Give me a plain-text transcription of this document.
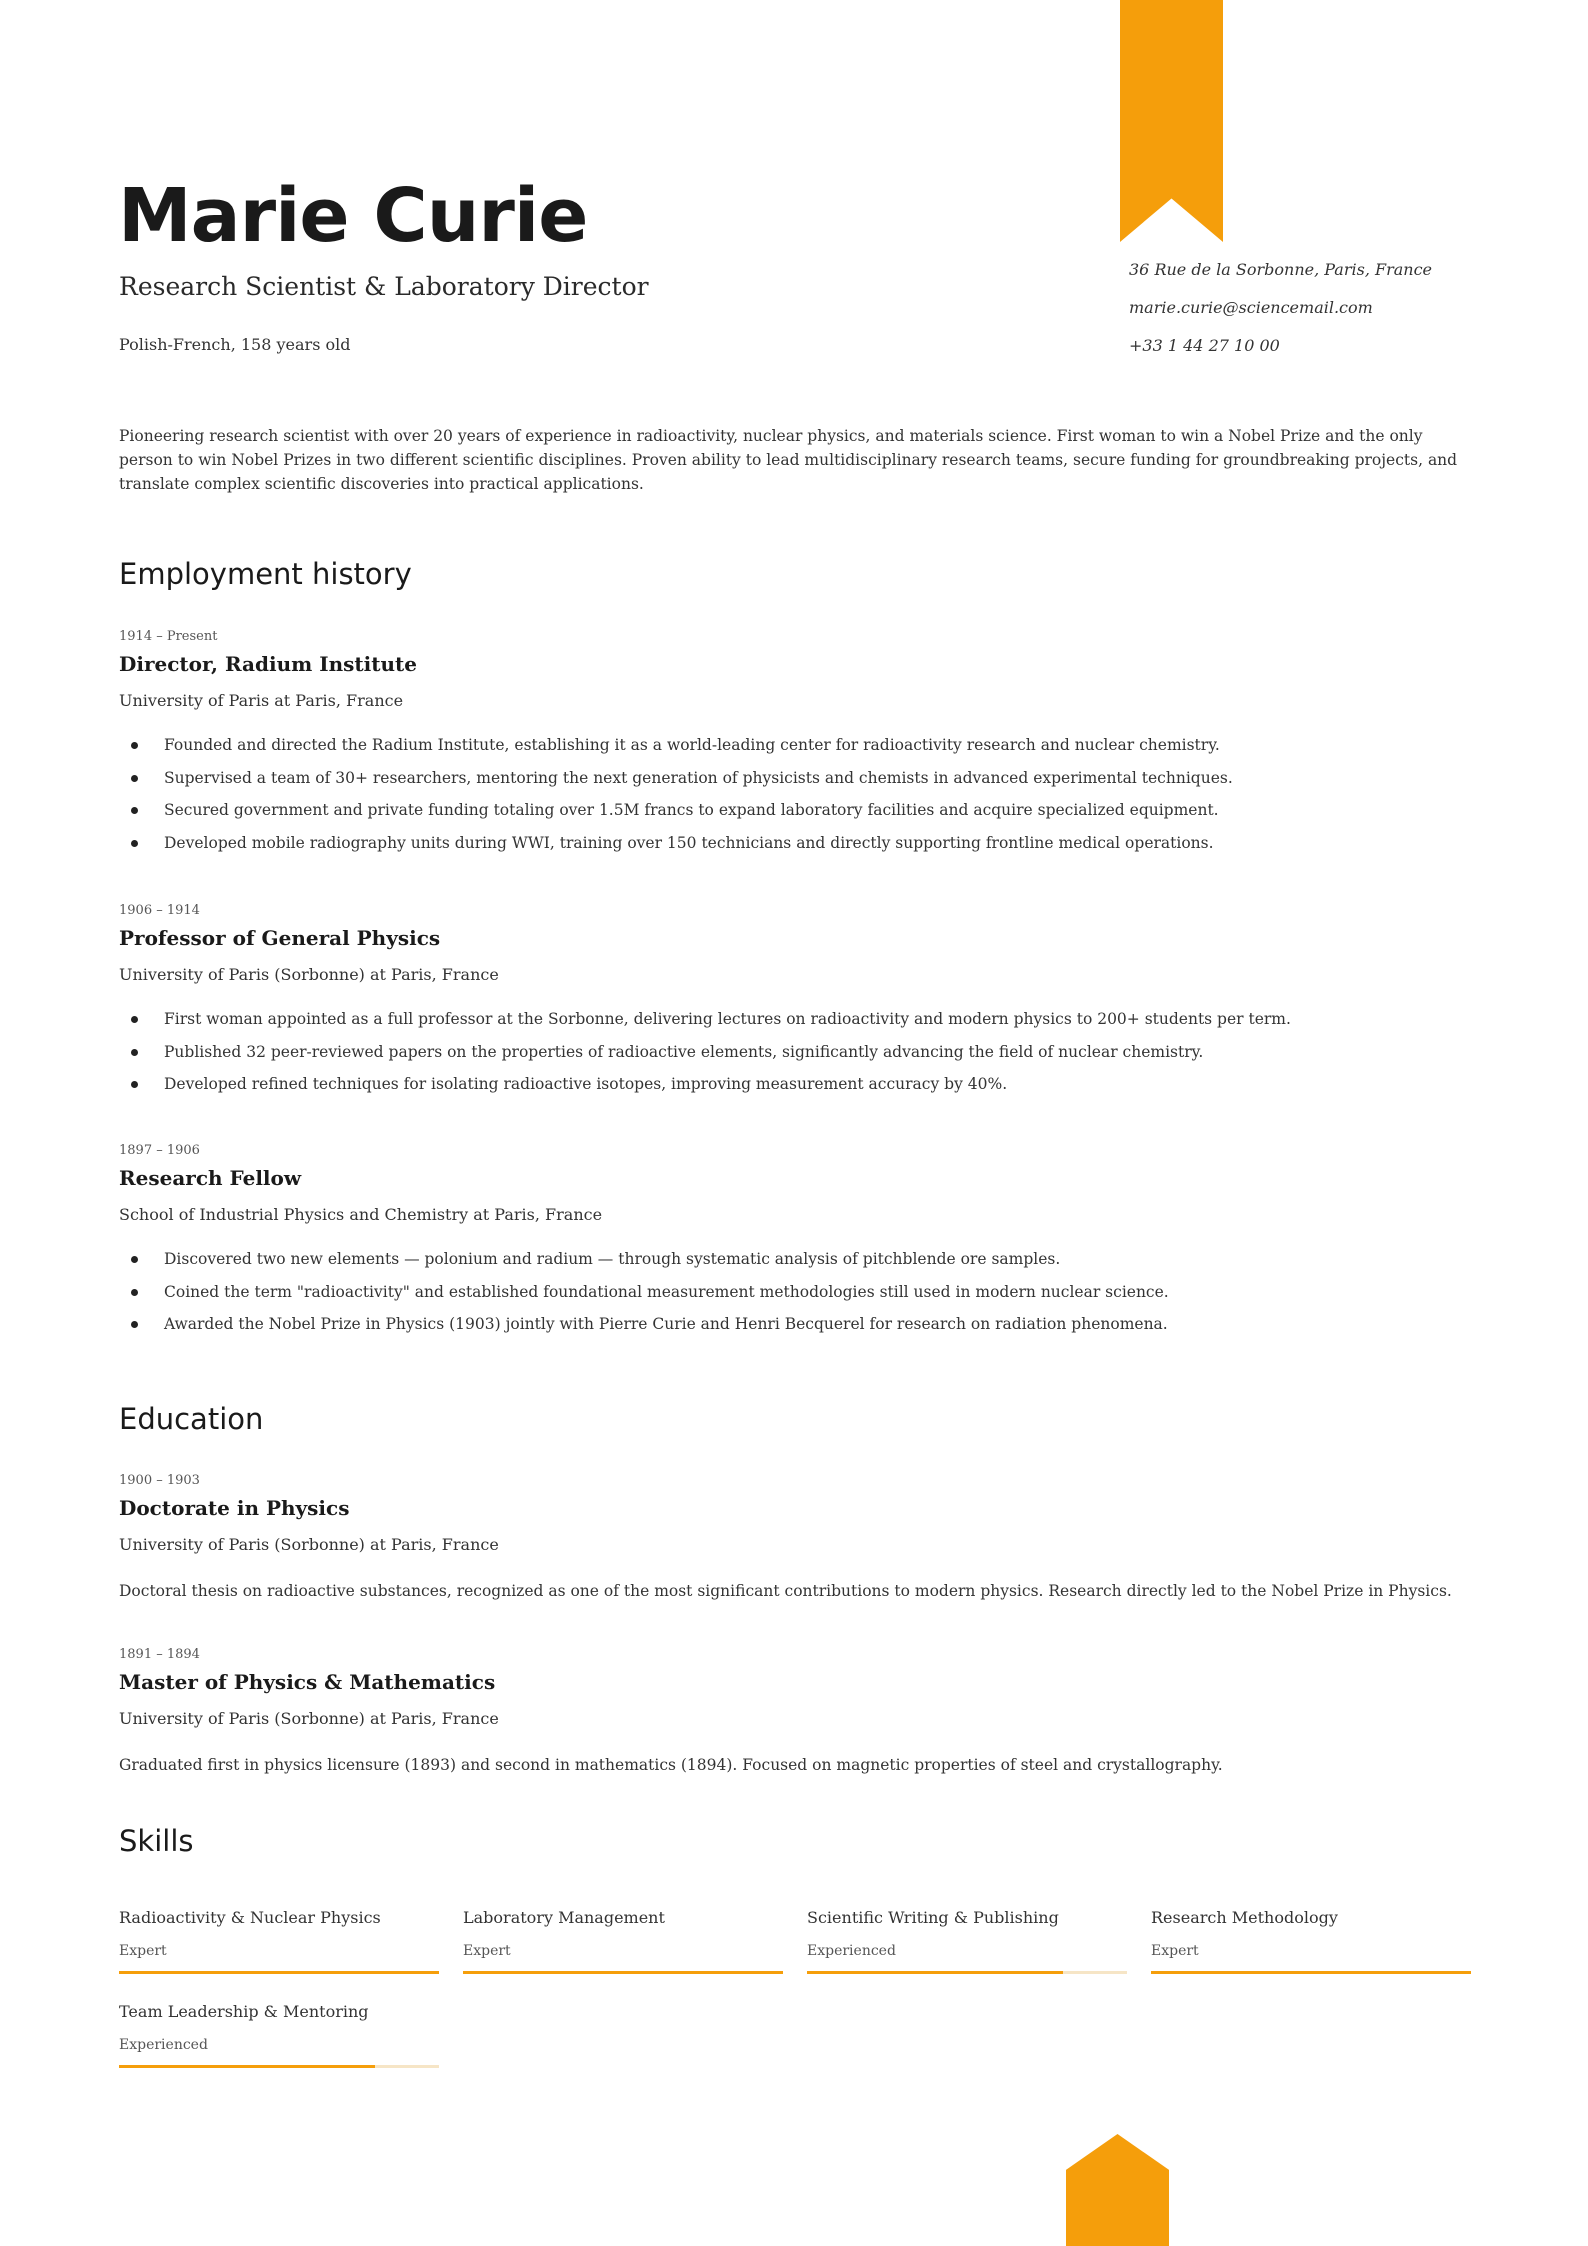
Marie Curie
Research Scientist & Laboratory Director
Polish-French, 158 years old
36 Rue de la Sorbonne, Paris, France
marie.curie@sciencemail.com
+33 1 44 27 10 00

Pioneering research scientist with over 20 years of experience in radioactivity, nuclear physics, and materials science. First woman to win a Nobel Prize and the only person to win Nobel Prizes in two different scientific disciplines. Proven ability to lead multidisciplinary research teams, secure funding for groundbreaking projects, and translate complex scientific discoveries into practical applications.

Employment history
1914 – Present
Director, Radium Institute
University of Paris at Paris, France
Founded and directed the Radium Institute, establishing it as a world-leading center for radioactivity research and nuclear chemistry.
Supervised a team of 30+ researchers, mentoring the next generation of physicists and chemists in advanced experimental techniques.
Secured government and private funding totaling over 1.5M francs to expand laboratory facilities and acquire specialized equipment.
Developed mobile radiography units during WWI, training over 150 technicians and directly supporting frontline medical operations.
1906 – 1914
Professor of General Physics
University of Paris (Sorbonne) at Paris, France
First woman appointed as a full professor at the Sorbonne, delivering lectures on radioactivity and modern physics to 200+ students per term.
Published 32 peer-reviewed papers on the properties of radioactive elements, significantly advancing the field of nuclear chemistry.
Developed refined techniques for isolating radioactive isotopes, improving measurement accuracy by 40%.
1897 – 1906
Research Fellow
School of Industrial Physics and Chemistry at Paris, France
Discovered two new elements — polonium and radium — through systematic analysis of pitchblende ore samples.
Coined the term "radioactivity" and established foundational measurement methodologies still used in modern nuclear science.
Awarded the Nobel Prize in Physics (1903) jointly with Pierre Curie and Henri Becquerel for research on radiation phenomena.
Education
1900 – 1903
Doctorate in Physics
University of Paris (Sorbonne) at Paris, France
Doctoral thesis on radioactive substances, recognized as one of the most significant contributions to modern physics. Research directly led to the Nobel Prize in Physics.
1891 – 1894
Master of Physics & Mathematics
University of Paris (Sorbonne) at Paris, France
Graduated first in physics licensure (1893) and second in mathematics (1894). Focused on magnetic properties of steel and crystallography.
Skills
Radioactivity & Nuclear Physics
Expert
Laboratory Management
Expert
Scientific Writing & Publishing
Experienced
Research Methodology
Expert
Team Leadership & Mentoring
Experienced
